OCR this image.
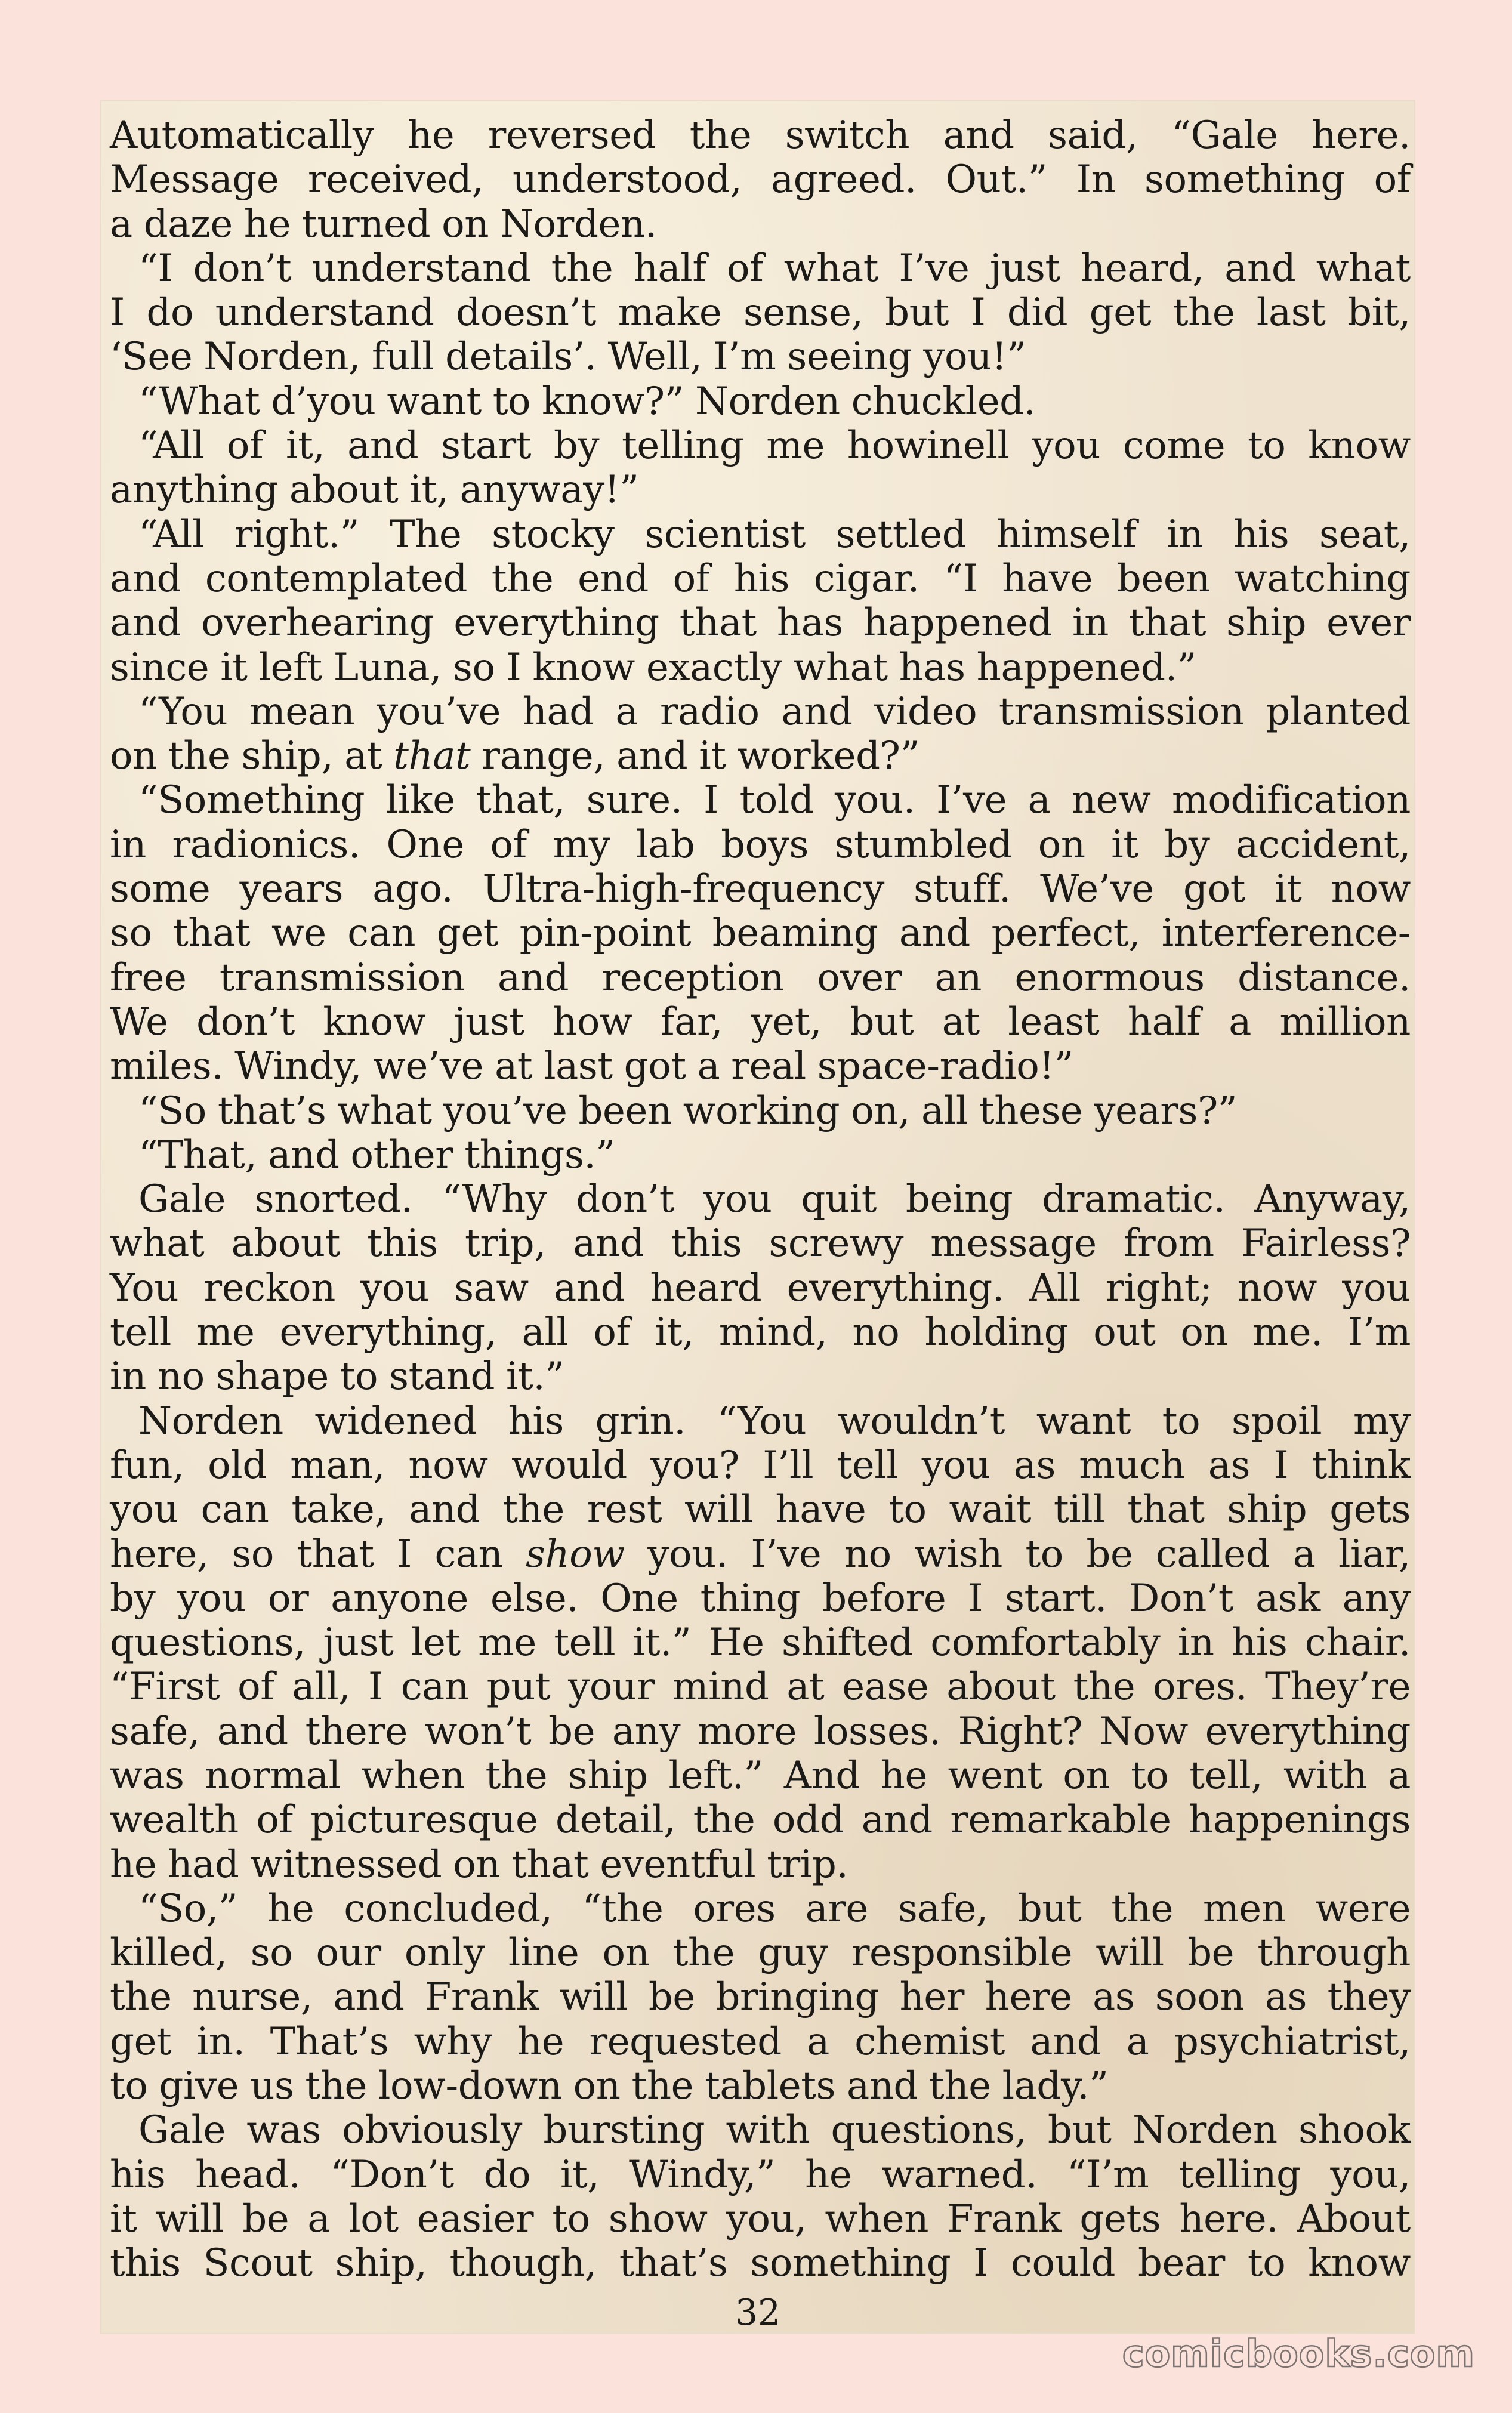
Automatically he reversed the switch and said, “Gale here.
Message received, understood, agreed. Out.” In something of
a daze he turned on Norden.
“I don’t understand the half of what I’ve just heard, and what
I do understand doesn’t make sense, but I did get the last bit,
‘See Norden, full details’. Well, I’m seeing you!”
“What d’you want to know?” Norden chuckled.
“All of it, and start by telling me howinell you come to know
anything about it, anyway!”
“All right.” The stocky scientist settled himself in his seat,
and contemplated the end of his cigar. “I have been watching
and overhearing everything that has happened in that ship ever
since it left Luna, so I know exactly what has happened.”
“You mean you’ve had a radio and video transmission planted
on the ship, at that range, and it worked?”
“Something like that, sure. I told you. I’ve a new modification
in radionics. One of my lab boys stumbled on it by accident,
some years ago. Ultra-high-frequency stuff. We’ve got it now
so that we can get pin-point beaming and perfect, interference-
free transmission and reception over an enormous distance.
We don’t know just how far, yet, but at least half a million
miles. Windy, we’ve at last got a real space-radio!”
“So that’s what you’ve been working on, all these years?”
“That, and other things.”
Gale snorted. “Why don’t you quit being dramatic. Anyway,
what about this trip, and this screwy message from Fairless?
You reckon you saw and heard everything. All right; now you
tell me everything, all of it, mind, no holding out on me. I’m
in no shape to stand it.”
Norden widened his grin. “You wouldn’t want to spoil my
fun, old man, now would you? I’ll tell you as much as I think
you can take, and the rest will have to wait till that ship gets
here, so that I can show you. I’ve no wish to be called a liar,
by you or anyone else. One thing before I start. Don’t ask any
questions, just let me tell it.” He shifted comfortably in his chair.
“First of all, I can put your mind at ease about the ores. They’re
safe, and there won’t be any more losses. Right? Now everything
was normal when the ship left.” And he went on to tell, with a
wealth of picturesque detail, the odd and remarkable happenings
he had witnessed on that eventful trip.
“So,” he concluded, “the ores are safe, but the men were
killed, so our only line on the guy responsible will be through
the nurse, and Frank will be bringing her here as soon as they
get in. That’s why he requested a chemist and a psychiatrist,
to give us the low-down on the tablets and the lady.”
Gale was obviously bursting with questions, but Norden shook
his head. “Don’t do it, Windy,” he warned. “I’m telling you,
it will be a lot easier to show you, when Frank gets here. About
this Scout ship, though, that’s something I could bear to know
32
comicbooks.com
